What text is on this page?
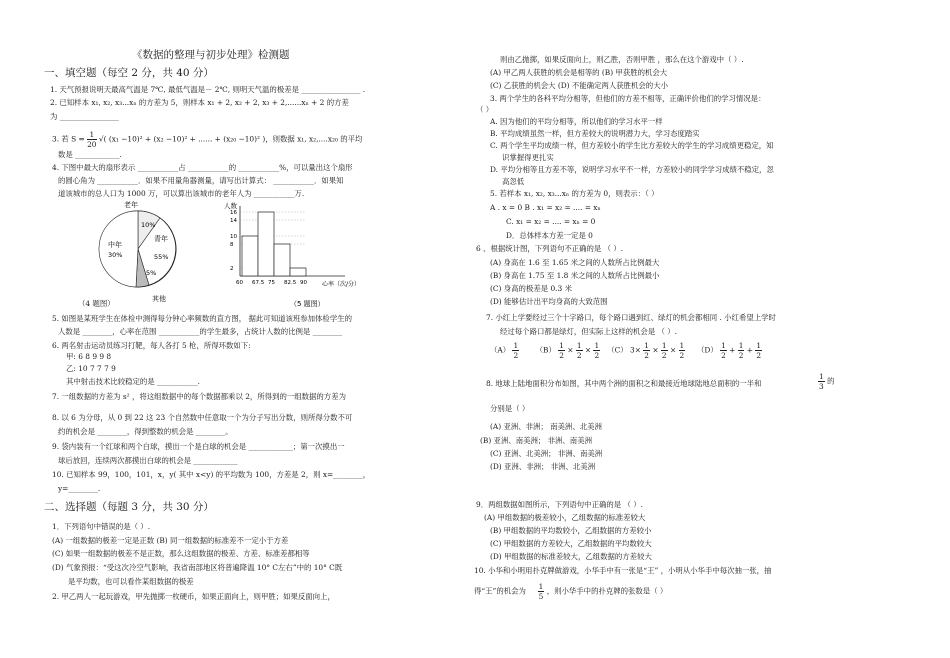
《数据的整理与初步处理》检测题
一、填空题（每空 2 分，共 40 分）
1. 天气预报说明天最高气温是 7℃, 最低气温是－ 2℃, 则明天气温的极差是 ________________ .
2. 已知样本 x₁, x₂, x₃...xₙ 的方差为 5，则样本 x₁ + 2, x₂ + 2, x₃ + 2,......xₙ + 2 的方差
为 ________________
3. 若 $S = \frac{1}{20}$ √( (x₁ −10)² + (x₂ −10)² + ...... + (x₂₀ −10)² )，则数据 x₁, x₂,....x₂₀ 的平均
数是 ____________.
4. 下图中最大的扇形表示 ___________占 ___________的 ___________%，可以量出这个扇形
的圆心角为 ___________．如果不用量角器测量，请写出计算式： ___________．如果知
道该城市的总人口为 1000 万，可以算出该城市的老年人为 ___________万.
老年
10%
中年
30%
青年
55%
5%
其他
人数
心率（次/分）
（5 题图）
2
8
10
14
16
60 67.5 75 82.5 90
（4 题图）
5. 如图是某班学生在体检中测得每分钟心率频数的直方图， 据此可知道该班参加体检学生的
人数是 ________，心率在范围 ___________的学生最多，占统计人数的比例是 ________
6. 两名射击运动员练习打靶，每人各打 5 枪，所得环数如下:
甲: 6 8 9 9 8
乙: 10 7 7 7 9
其中射击技术比较稳定的是 ___________.
7. 一组数据的方差为 s² ，将这组数据中的每个数据都乘以 2，所得到的一组数据的方差为
8. 以 6 为分母，从 0 到 22 这 23 个自然数中任意取一个为分子写出分数，则所得分数不可
约的机会是 ________，得到整数的机会是 ________。
9. 袋内装有一个红球和两个白球，摸出一个是白球的机会是 ____________；第一次摸出一
球后放回，连续两次都摸出白球的机会是 ____________
10. 已知样本 99，100，101，x，y( 其中 x<y) 的平均数为 100，方差是 2，则 x=________，
y=________.
二、选择题（每题 3 分，共 30 分）
1．下列语句中错误的是（ ）.
(A) 一组数据的极差一定是正数 (B) 同一组数据的标准差不一定小于方差
(C) 如果一组数据的极差不是正数，那么这组数据的极差、方差、标准差都相等
(D) 气象预报：“受这次冷空气影响，我省南部地区将普遍降温 10° C左右”中的 10° C既
是平均数，也可以看作某组数据的极差
2. 甲乙两人一起玩游戏，甲先抛掷一枚硬币，如果正面向上，则甲胜；如果反面向上，
则由乙抛掷，如果反面向上，则乙胜，否则甲胜 ，那么在这个游戏中（ ）.
(A) 甲乙两人获胜的机会是相等的 (B) 甲获胜的机会大
(C) 乙获胜的机会大 (D) 不能确定两人获胜机会的大小
3. 两个学生的各科平均分相等，但他们的方差不相等，正确评价他们的学习情况是：
（ ）
A. 因为他们的平均分相等，所以他们的学习水平一样
B. 平均成绩虽然一样，但方差较大的说明潜力大，学习态度踏实
C. 两个学生平均成绩一样，但方差较小的学生比方差较大的学生的学习成绩更稳定，知
识掌握得更扎实
D. 平均分相等且方差不等，说明学习水平不一样，方差较小的同学学习成绩不稳定，忽
高忽低
5. 若样本 x₁, x₂, x₃...xₙ 的方差为 0，则表示：（ ）
A . x = 0 B . x₁ = x₂ = .... = xₙ
C. x₁ = x₂ = .... = xₙ = 0
D．总体样本方差一定是 0
6 、根据统计图，下列语句不正确的是 （ ）.
(A) 身高在 1.6 至 1.65 米之间的人数所占比例最大
(B) 身高在 1.75 至 1.8 米之间的人数所占比例最小
(C) 身高的极差是 0.3 米
(D) 能够估计出平均身高的大致范围
7. 小红上学要经过三个十字路口，每个路口遇到红、绿灯的机会都相同 . 小红希望上学时
经过每个路口都是绿灯，但实际上这样的机会是 （ ）.
$(A) \frac{1}{2} (B) \frac{1}{2} \times \frac{1}{2} \times \frac{1}{2} (C)$ $3\times \frac{1}{2} \times \frac{1}{2} \times \frac{1}{2} (D) \frac{1}{2} + \frac{1}{2} + \frac{1}{2}$
8. 地球上陆地面积分布如图，其中两个洲的面积之和最接近地球陆地总面积的一半和	$\frac{1}{3}$ 的
分别是（ ）
(A) 亚洲、非洲； 南美洲、北美洲
(B) 亚洲、南美洲； 非洲、南美洲
(C) 亚洲、北美洲； 非洲、南美洲
(D) 亚洲、非洲； 非洲、北美洲
9．两组数据如图所示，下列语句中正确的是 （ ）.
(A) 甲组数据的极差较小，乙组数据的标准差较大
(B) 甲组数据的平均数较小，乙组数据的方差较小
(C) 甲组数据的方差较大，乙组数据的平均数较大
(D) 甲组数据的标准差较大，乙组数据的方差较大
10. 小华和小明用扑克牌做游戏，小华手中有一张是“王” ，小明从小华手中每次抽一张，抽
得“王”的机会为 $\frac{1}{5}$ ，则小华手中的扑克牌的张数是（ ）
